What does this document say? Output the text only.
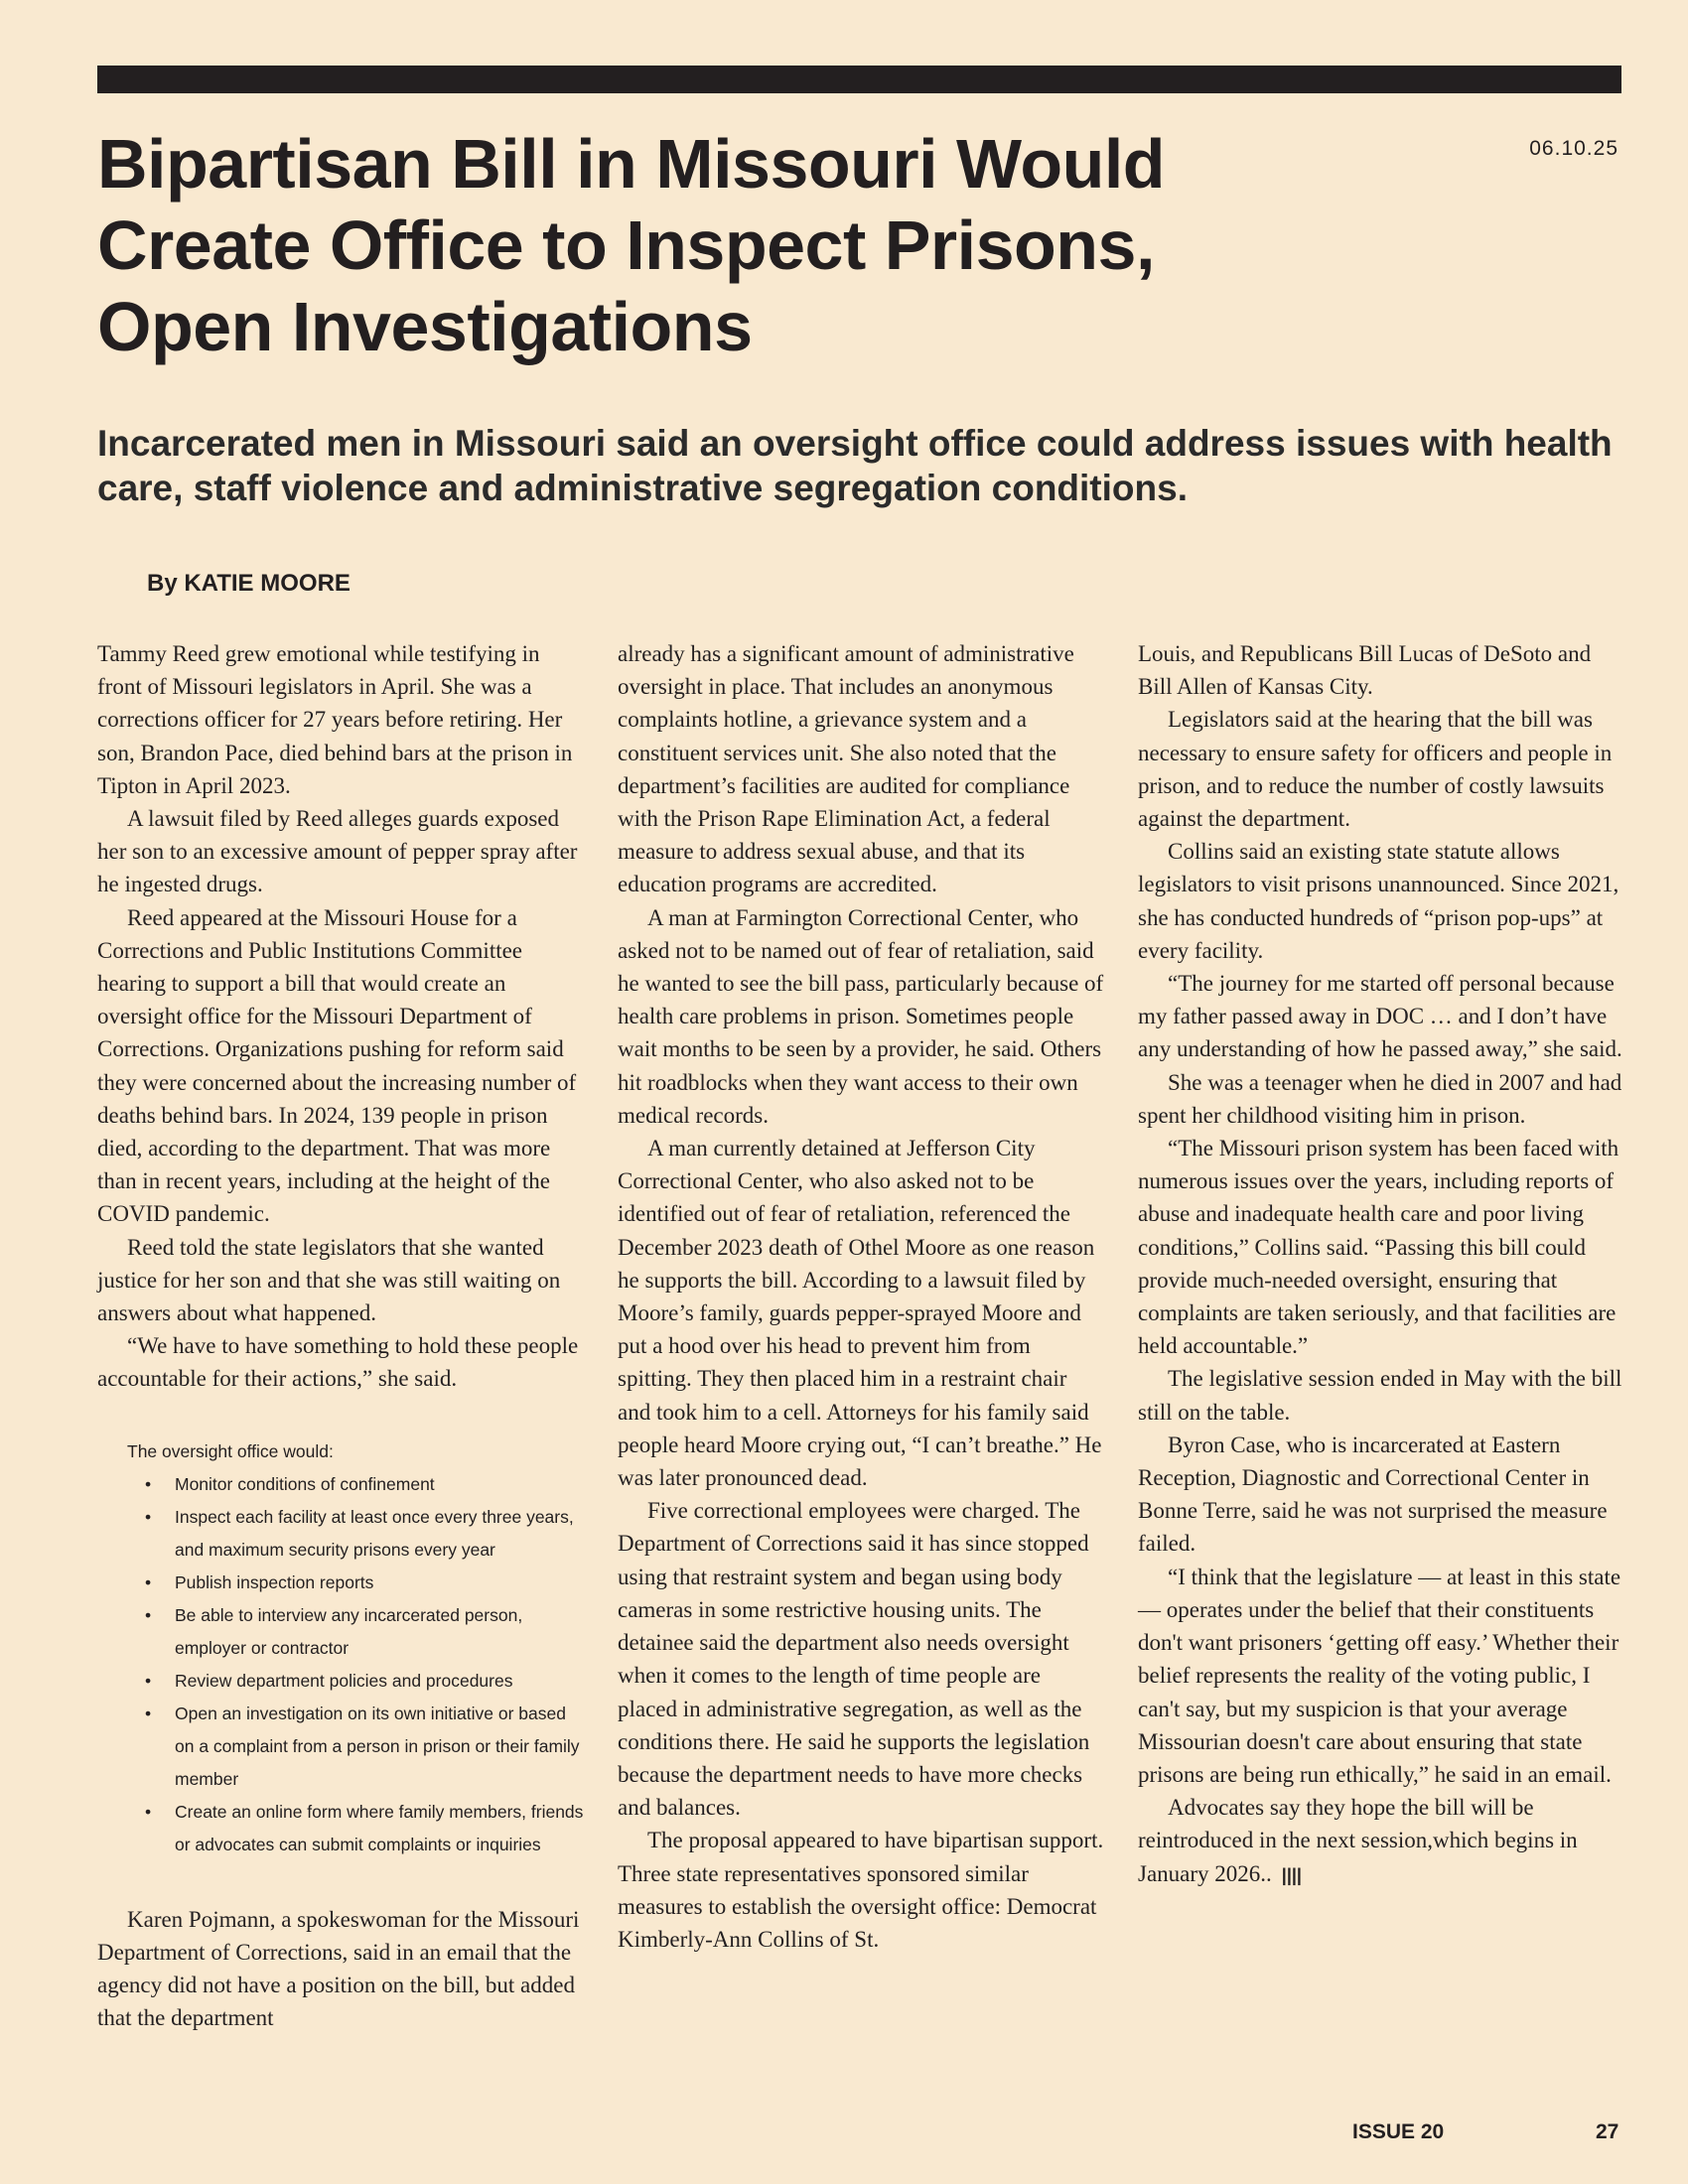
06.10.25
Bipartisan Bill in Missouri Would Create Office to Inspect Prisons, Open Investigations
Incarcerated men in Missouri said an oversight office could address issues with health care, staff violence and administrative segregation conditions.
By KATIE MOORE

Tammy Reed grew emotional while testifying in front of Missouri legislators in April. She was a corrections officer for 27 years before retiring. Her son, Brandon Pace, died behind bars at the prison in Tipton in April 2023.

A lawsuit filed by Reed alleges guards exposed her son to an excessive amount of pepper spray after he ingested drugs.

Reed appeared at the Missouri House for a Corrections and Public Institutions Committee hearing to support a bill that would create an oversight office for the Missouri Department of Corrections. Organizations pushing for reform said they were concerned about the increasing number of deaths behind bars. In 2024, 139 people in prison died, according to the department. That was more than in recent years, including at the height of the COVID pandemic.

Reed told the state legislators that she wanted justice for her son and that she was still waiting on answers about what happened.

“We have to have something to hold these people accountable for their actions,” she said.

The oversight office would:
• Monitor conditions of confinement
• Inspect each facility at least once every three years, and maximum security prisons every year
• Publish inspection reports
• Be able to interview any incarcerated person, employer or contractor
• Review department policies and procedures
• Open an investigation on its own initiative or based on a complaint from a person in prison or their family member
• Create an online form where family members, friends or advocates can submit complaints or inquiries

Karen Pojmann, a spokeswoman for the Missouri Department of Corrections, said in an email that the agency did not have a position on the bill, but added that the department

already has a significant amount of administrative oversight in place. That includes an anonymous complaints hotline, a grievance system and a constituent services unit. She also noted that the department’s facilities are audited for compliance with the Prison Rape Elimination Act, a federal measure to address sexual abuse, and that its education programs are accredited.

A man at Farmington Correctional Center, who asked not to be named out of fear of retaliation, said he wanted to see the bill pass, particularly because of health care problems in prison. Sometimes people wait months to be seen by a provider, he said. Others hit roadblocks when they want access to their own medical records.

A man currently detained at Jefferson City Correctional Center, who also asked not to be identified out of fear of retaliation, referenced the December 2023 death of Othel Moore as one reason he supports the bill. According to a lawsuit filed by Moore’s family, guards pepper-sprayed Moore and put a hood over his head to prevent him from spitting. They then placed him in a restraint chair and took him to a cell. Attorneys for his family said people heard Moore crying out, “I can’t breathe.” He was later pronounced dead.

Five correctional employees were charged. The Department of Corrections said it has since stopped using that restraint system and began using body cameras in some restrictive housing units. The detainee said the department also needs oversight when it comes to the length of time people are placed in administrative segregation, as well as the conditions there. He said he supports the legislation because the department needs to have more checks and balances.

The proposal appeared to have bipartisan support. Three state representatives sponsored similar measures to establish the oversight office: Democrat Kimberly-Ann Collins of St.

Louis, and Republicans Bill Lucas of DeSoto and Bill Allen of Kansas City.

Legislators said at the hearing that the bill was necessary to ensure safety for officers and people in prison, and to reduce the number of costly lawsuits against the department.

Collins said an existing state statute allows legislators to visit prisons unannounced. Since 2021, she has conducted hundreds of “prison pop-ups” at every facility.

“The journey for me started off personal because my father passed away in DOC … and I don’t have any understanding of how he passed away,” she said.

She was a teenager when he died in 2007 and had spent her childhood visiting him in prison.

“The Missouri prison system has been faced with numerous issues over the years, including reports of abuse and inadequate health care and poor living conditions,” Collins said. “Passing this bill could provide much-needed oversight, ensuring that complaints are taken seriously, and that facilities are held accountable.”

The legislative session ended in May with the bill still on the table.

Byron Case, who is incarcerated at Eastern Reception, Diagnostic and Correctional Center in Bonne Terre, said he was not surprised the measure failed.

“I think that the legislature — at least in this state — operates under the belief that their constituents don't want prisoners ‘getting off easy.’ Whether their belief represents the reality of the voting public, I can't say, but my suspicion is that your average Missourian doesn't care about ensuring that state prisons are being run ethically,” he said in an email.

Advocates say they hope the bill will be reintroduced in the next session,which begins in January 2026.. ||||

ISSUE 20	27
